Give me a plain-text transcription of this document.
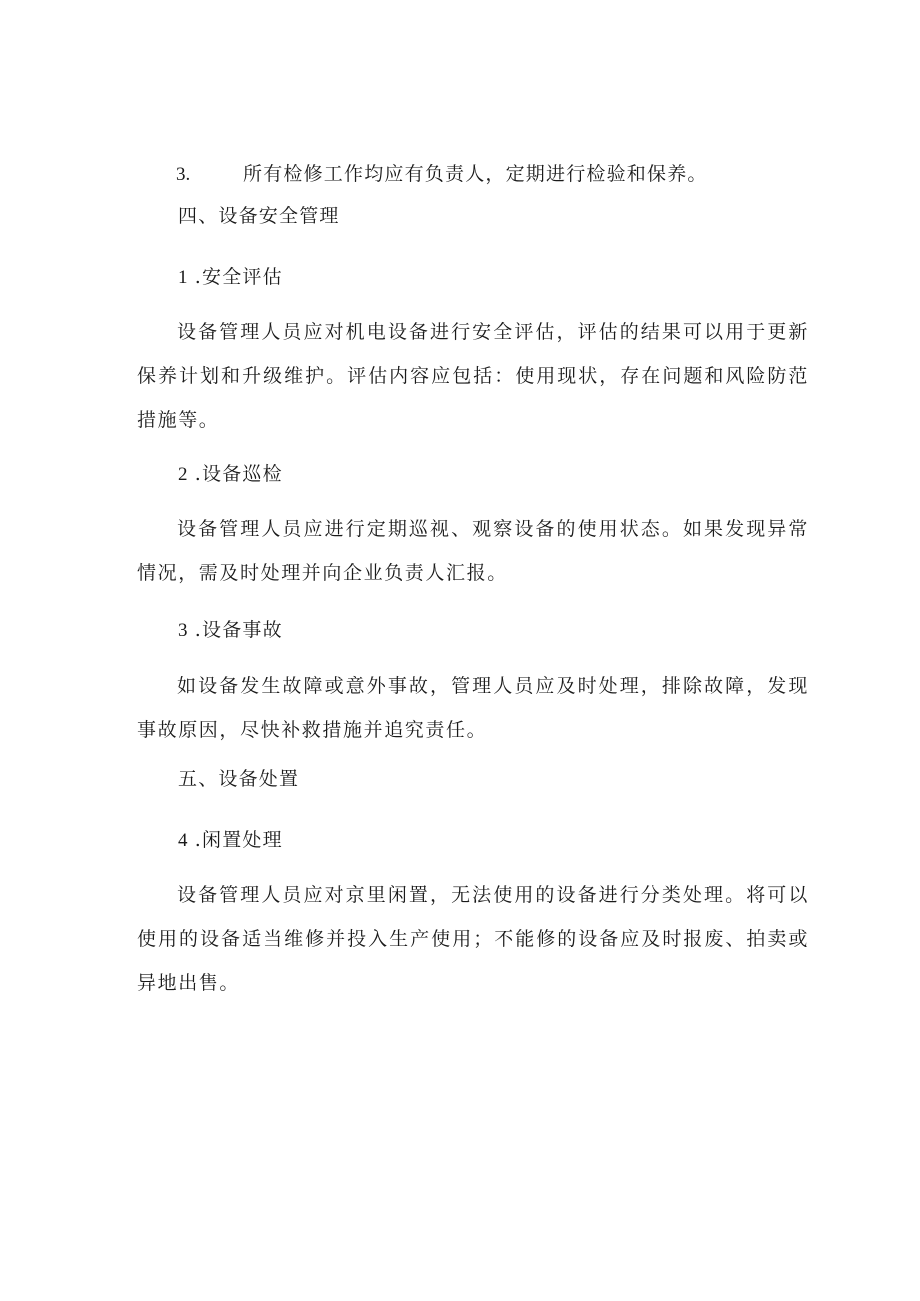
3.	所有检修工作均应有负责人，定期进行检验和保养。
四、设备安全管理
1 .安全评估
设备管理人员应对机电设备进行安全评估，评估的结果可以用于更新保养计划和升级维护。评估内容应包括：使用现状，存在问题和风险防范措施等。
2 .设备巡检
设备管理人员应进行定期巡视、观察设备的使用状态。如果发现异常情况，需及时处理并向企业负责人汇报。
3 .设备事故
如设备发生故障或意外事故，管理人员应及时处理，排除故障，发现事故原因，尽快补救措施并追究责任。
五、设备处置
4 .闲置处理
设备管理人员应对京里闲置，无法使用的设备进行分类处理。将可以使用的设备适当维修并投入生产使用；不能修的设备应及时报废、拍卖或异地出售。
